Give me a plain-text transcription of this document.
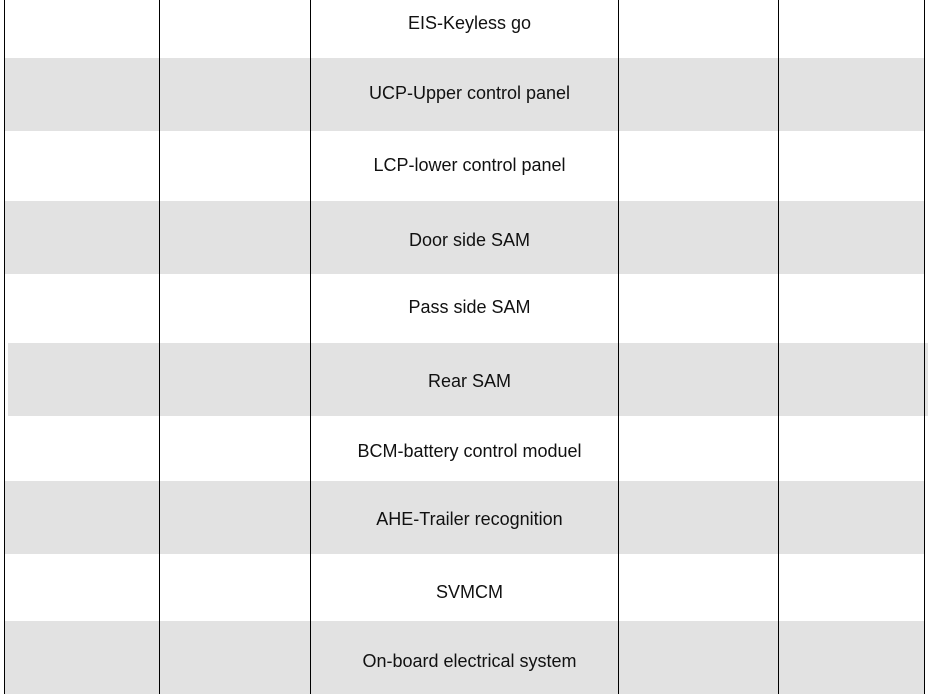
EIS-Keyless go
UCP-Upper control panel
LCP-lower control panel
Door side SAM
Pass side SAM
Rear SAM
BCM-battery control moduel
AHE-Trailer recognition
SVMCM
On-board electrical system
